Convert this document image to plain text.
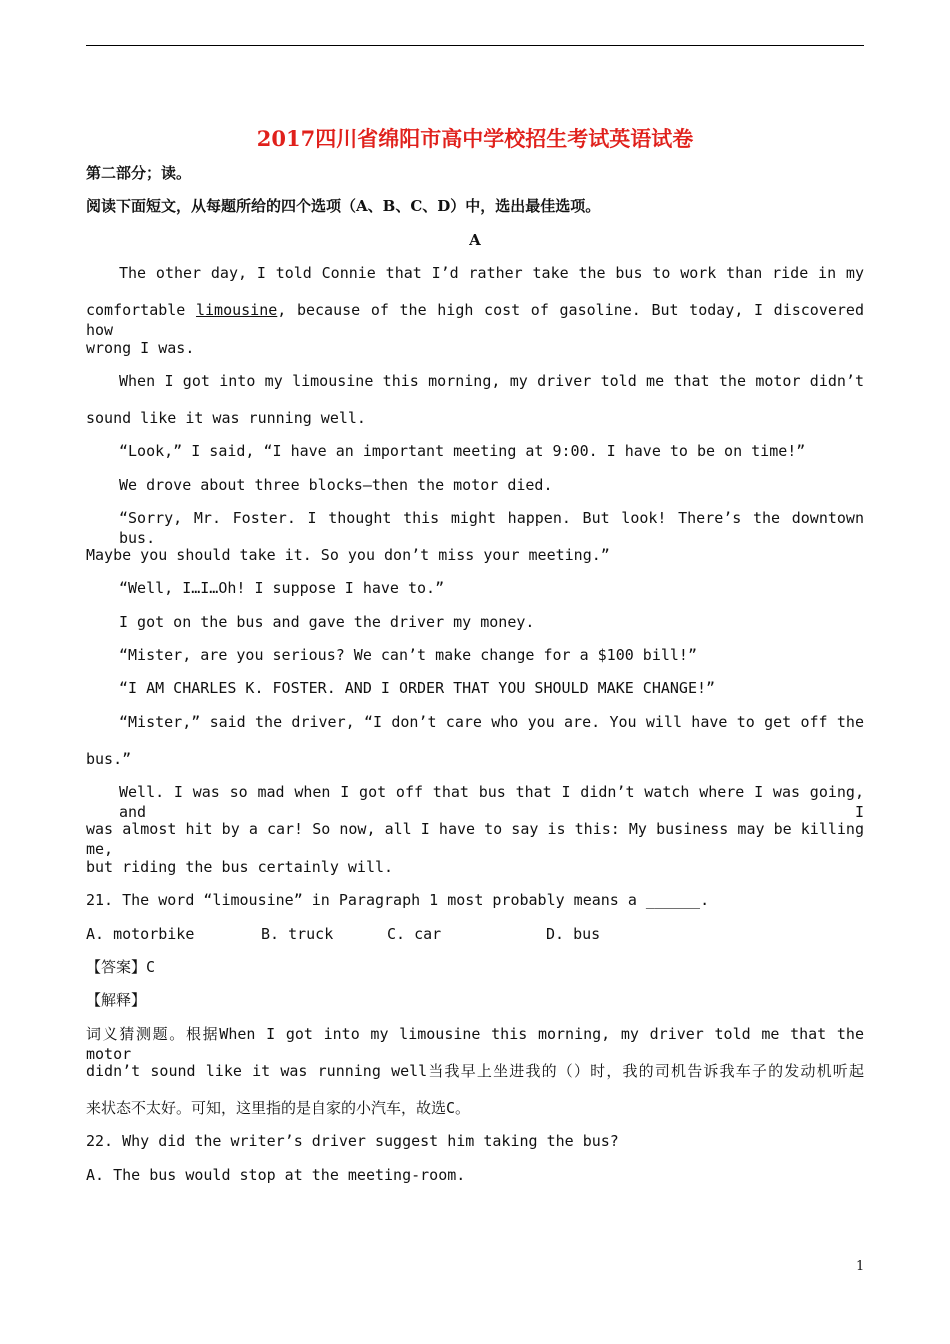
2017四川省绵阳市高中学校招生考试英语试卷
第二部分；读。
阅读下面短文，从每题所给的四个选项（A、B、C、D）中，选出最佳选项。
A
The other day, I told Connie that I’d rather take the bus to work than ride in my
comfortable limousine, because of the high cost of gasoline. But today, I discovered how
wrong I was.
When I got into my limousine this morning, my driver told me that the motor didn’t
sound like it was running well.
“Look,” I said, “I have an important meeting at 9:00. I have to be on time!”
We drove about three blocks—then the motor died.
“Sorry, Mr. Foster. I thought this might happen. But look! There’s the downtown bus.
Maybe you should take it. So you don’t miss your meeting.”
“Well, I…I…Oh! I suppose I have to.”
I got on the bus and gave the driver my money.
“Mister, are you serious? We can’t make change for a $100 bill!”
“I AM CHARLES K. FOSTER. AND I ORDER THAT YOU SHOULD MAKE CHANGE!”
“Mister,” said the driver, “I don’t care who you are. You will have to get off the
bus.”
Well. I was so mad when I got off that bus that I didn’t watch where I was going, and I
was almost hit by a car! So now, all I have to say is this: My business may be killing me,
but riding the bus certainly will.
21. The word “limousine” in Paragraph 1 most probably means a ______.
A. motorbike	B. truck	C. car	D. bus
【答案】C
【解释】
词义猜测题。根据When I got into my limousine this morning, my driver told me that the motor
didn’t sound like it was running well当我早上坐进我的（）时，我的司机告诉我车子的发动机听起
来状态不太好。可知，这里指的是自家的小汽车，故选C。
22. Why did the writer’s driver suggest him taking the bus?
A. The bus would stop at the meeting-room.
1
